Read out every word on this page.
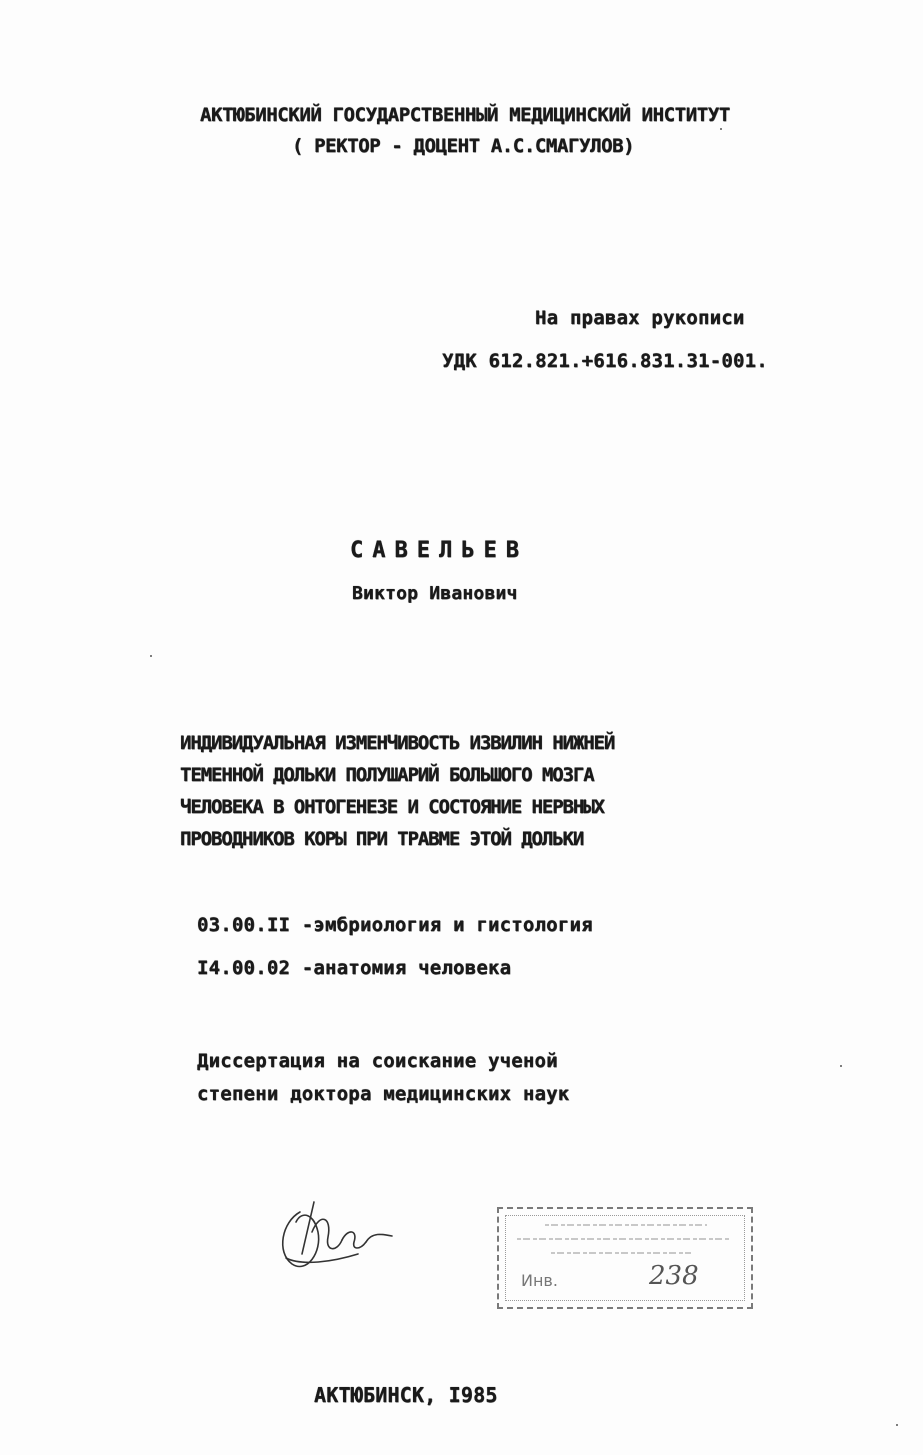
АКТЮБИНСКИЙ ГОСУДАРСТВЕННЫЙ МЕДИЦИНСКИЙ ИНСТИТУТ
( РЕКТОР - ДОЦЕНТ А.С.СМАГУЛОВ)
На правах рукописи
УДК 612.821.+616.831.31-001.
САВЕЛЬЕВ
Виктор Иванович
ИНДИВИДУАЛЬНАЯ ИЗМЕНЧИВОСТЬ ИЗВИЛИН НИЖНЕЙ
ТЕМЕННОЙ ДОЛЬКИ ПОЛУШАРИЙ БОЛЬШОГО МОЗГА
ЧЕЛОВЕКА В ОНТОГЕНЕЗЕ И СОСТОЯНИЕ НЕРВНЫХ
ПРОВОДНИКОВ КОРЫ ПРИ ТРАВМЕ ЭТОЙ ДОЛЬКИ
03.00.II -эмбриология и гистология
I4.00.02 -анатомия человека
Диссертация на соискание ученой
степени доктора медицинских наук
Инв.	238
АКТЮБИНСК, I985
